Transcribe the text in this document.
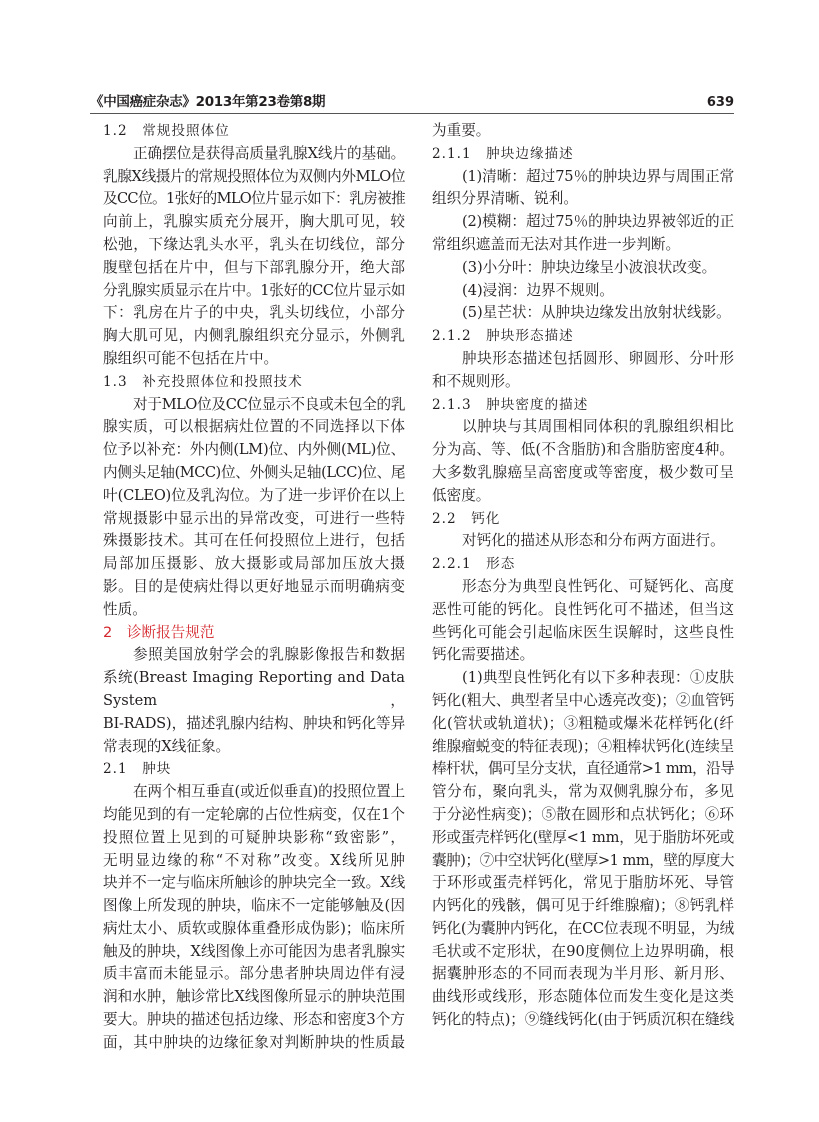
《中国癌症杂志》2013年第23卷第8期	639
1.2　常规投照体位
正确摆位是获得高质量乳腺X线片的基础。
乳腺X线摄片的常规投照体位为双侧内外MLO位
及CC位。1张好的MLO位片显示如下：乳房被推
向前上，乳腺实质充分展开，胸大肌可见，较
松弛，下缘达乳头水平，乳头在切线位，部分
腹壁包括在片中，但与下部乳腺分开，绝大部
分乳腺实质显示在片中。1张好的CC位片显示如
下：乳房在片子的中央，乳头切线位，小部分
胸大肌可见，内侧乳腺组织充分显示，外侧乳
腺组织可能不包括在片中。
1.3　补充投照体位和投照技术
对于MLO位及CC位显示不良或未包全的乳
腺实质，可以根据病灶位置的不同选择以下体
位予以补充：外内侧(LM)位、内外侧(ML)位、
内侧头足轴(MCC)位、外侧头足轴(LCC)位、尾
叶(CLEO)位及乳沟位。为了进一步评价在以上
常规摄影中显示出的异常改变，可进行一些特
殊摄影技术。其可在任何投照位上进行，包括
局部加压摄影、放大摄影或局部加压放大摄
影。目的是使病灶得以更好地显示而明确病变
性质。
2　诊断报告规范
参照美国放射学会的乳腺影像报告和数据
系统(Breast Imaging Reporting and Data System，
BI-RADS)，描述乳腺内结构、肿块和钙化等异
常表现的X线征象。
2.1　肿块
在两个相互垂直(或近似垂直)的投照位置上
均能见到的有一定轮廓的占位性病变，仅在1个
投照位置上见到的可疑肿块影称“致密影”，
无明显边缘的称“不对称”改变。X线所见肿
块并不一定与临床所触诊的肿块完全一致。X线
图像上所发现的肿块，临床不一定能够触及(因
病灶太小、质软或腺体重叠形成伪影)；临床所
触及的肿块，X线图像上亦可能因为患者乳腺实
质丰富而未能显示。部分患者肿块周边伴有浸
润和水肿，触诊常比X线图像所显示的肿块范围
要大。肿块的描述包括边缘、形态和密度3个方
面，其中肿块的边缘征象对判断肿块的性质最
为重要。
2.1.1　肿块边缘描述
(1)清晰：超过75％的肿块边界与周围正常
组织分界清晰、锐利。
(2)模糊：超过75％的肿块边界被邻近的正
常组织遮盖而无法对其作进一步判断。
(3)小分叶：肿块边缘呈小波浪状改变。
(4)浸润：边界不规则。
(5)星芒状：从肿块边缘发出放射状线影。
2.1.2　肿块形态描述
肿块形态描述包括圆形、卵圆形、分叶形
和不规则形。
2.1.3　肿块密度的描述
以肿块与其周围相同体积的乳腺组织相比
分为高、等、低(不含脂肪)和含脂肪密度4种。
大多数乳腺癌呈高密度或等密度，极少数可呈
低密度。
2.2　钙化
对钙化的描述从形态和分布两方面进行。
2.2.1　形态
形态分为典型良性钙化、可疑钙化、高度
恶性可能的钙化。良性钙化可不描述，但当这
些钙化可能会引起临床医生误解时，这些良性
钙化需要描述。
(1)典型良性钙化有以下多种表现：①皮肤
钙化(粗大、典型者呈中心透亮改变)；②血管钙
化(管状或轨道状)；③粗糙或爆米花样钙化(纤
维腺瘤蜕变的特征表现)；④粗棒状钙化(连续呈
棒杆状，偶可呈分支状，直径通常>1 mm，沿导
管分布，聚向乳头，常为双侧乳腺分布，多见
于分泌性病变)；⑤散在圆形和点状钙化；⑥环
形或蛋壳样钙化(壁厚<1 mm，见于脂肪坏死或
囊肿)；⑦中空状钙化(壁厚>1 mm，壁的厚度大
于环形或蛋壳样钙化，常见于脂肪坏死、导管
内钙化的残骸，偶可见于纤维腺瘤)；⑧钙乳样
钙化(为囊肿内钙化，在CC位表现不明显，为绒
毛状或不定形状，在90度侧位上边界明确，根
据囊肿形态的不同而表现为半月形、新月形、
曲线形或线形，形态随体位而发生变化是这类
钙化的特点)；⑨缝线钙化(由于钙质沉积在缝线
